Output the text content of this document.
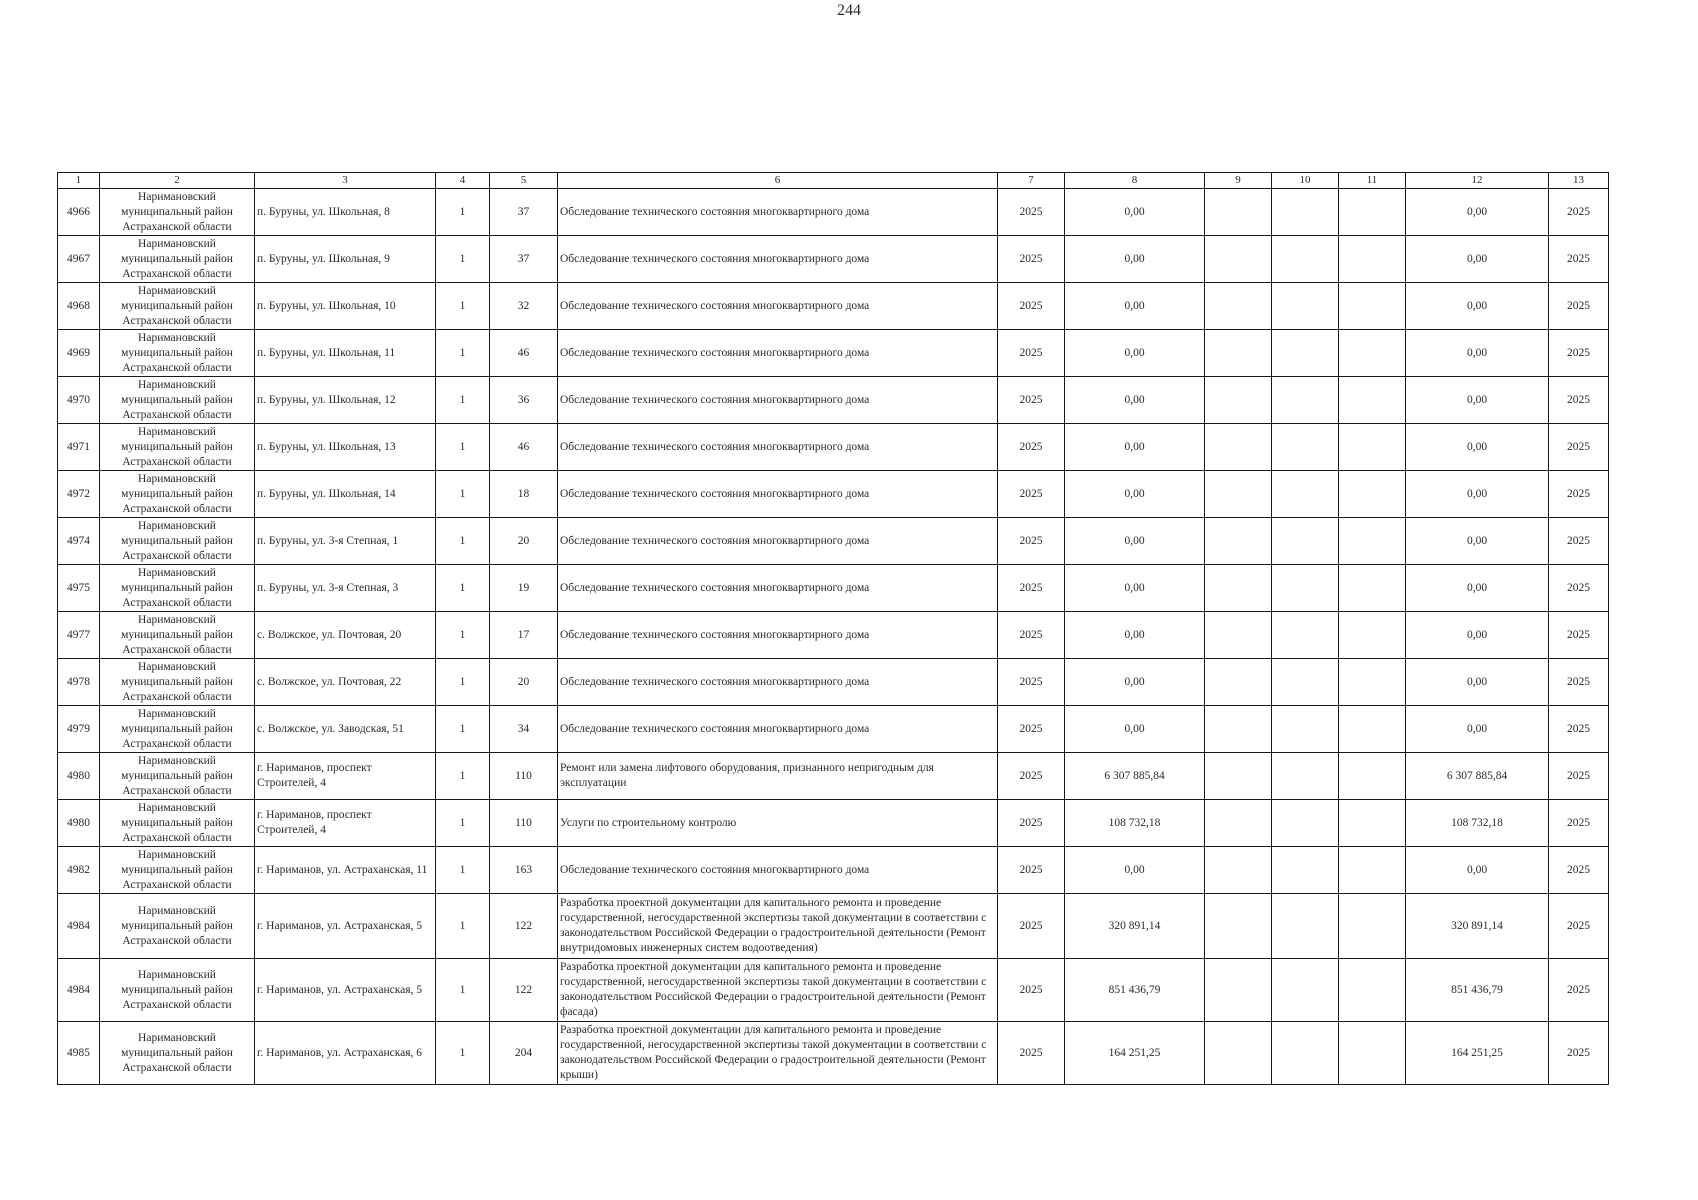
244
1	2	3	4	5	6	7	8	9	10	11	12	13
4966	Наримановский муниципальный район Астраханской области	п. Буруны, ул. Школьная, 8	1	37	Обследование технического состояния многоквартирного дома	2025	0,00				0,00	2025
4967	Наримановский муниципальный район Астраханской области	п. Буруны, ул. Школьная, 9	1	37	Обследование технического состояния многоквартирного дома	2025	0,00				0,00	2025
4968	Наримановский муниципальный район Астраханской области	п. Буруны, ул. Школьная, 10	1	32	Обследование технического состояния многоквартирного дома	2025	0,00				0,00	2025
4969	Наримановский муниципальный район Астраханской области	п. Буруны, ул. Школьная, 11	1	46	Обследование технического состояния многоквартирного дома	2025	0,00				0,00	2025
4970	Наримановский муниципальный район Астраханской области	п. Буруны, ул. Школьная, 12	1	36	Обследование технического состояния многоквартирного дома	2025	0,00				0,00	2025
4971	Наримановский муниципальный район Астраханской области	п. Буруны, ул. Школьная, 13	1	46	Обследование технического состояния многоквартирного дома	2025	0,00				0,00	2025
4972	Наримановский муниципальный район Астраханской области	п. Буруны, ул. Школьная, 14	1	18	Обследование технического состояния многоквартирного дома	2025	0,00				0,00	2025
4974	Наримановский муниципальный район Астраханской области	п. Буруны, ул. 3-я Степная, 1	1	20	Обследование технического состояния многоквартирного дома	2025	0,00				0,00	2025
4975	Наримановский муниципальный район Астраханской области	п. Буруны, ул. 3-я Степная, 3	1	19	Обследование технического состояния многоквартирного дома	2025	0,00				0,00	2025
4977	Наримановский муниципальный район Астраханской области	с. Волжское, ул. Почтовая, 20	1	17	Обследование технического состояния многоквартирного дома	2025	0,00				0,00	2025
4978	Наримановский муниципальный район Астраханской области	с. Волжское, ул. Почтовая, 22	1	20	Обследование технического состояния многоквартирного дома	2025	0,00				0,00	2025
4979	Наримановский муниципальный район Астраханской области	с. Волжское, ул. Заводская, 51	1	34	Обследование технического состояния многоквартирного дома	2025	0,00				0,00	2025
4980	Наримановский муниципальный район Астраханской области	г. Нариманов, проспект Строителей, 4	1	110	Ремонт или замена лифтового оборудования, признанного непригодным для эксплуатации	2025	6 307 885,84				6 307 885,84	2025
4980	Наримановский муниципальный район Астраханской области	г. Нариманов, проспект Строителей, 4	1	110	Услуги по строительному контролю	2025	108 732,18				108 732,18	2025
4982	Наримановский муниципальный район Астраханской области	г. Нариманов, ул. Астраханская, 11	1	163	Обследование технического состояния многоквартирного дома	2025	0,00				0,00	2025
4984	Наримановский муниципальный район Астраханской области	г. Нариманов, ул. Астраханская, 5	1	122	Разработка проектной документации для капитального ремонта и проведение государственной, негосударственной экспертизы такой документации в соответствии с законодательством Российской Федерации о градостроительной деятельности (Ремонт внутридомовых инженерных систем водоотведения)	2025	320 891,14				320 891,14	2025
4984	Наримановский муниципальный район Астраханской области	г. Нариманов, ул. Астраханская, 5	1	122	Разработка проектной документации для капитального ремонта и проведение государственной, негосударственной экспертизы такой документации в соответствии с законодательством Российской Федерации о градостроительной деятельности (Ремонт фасада)	2025	851 436,79				851 436,79	2025
4985	Наримановский муниципальный район Астраханской области	г. Нариманов, ул. Астраханская, 6	1	204	Разработка проектной документации для капитального ремонта и проведение государственной, негосударственной экспертизы такой документации в соответствии с законодательством Российской Федерации о градостроительной деятельности (Ремонт крыши)	2025	164 251,25				164 251,25	2025
